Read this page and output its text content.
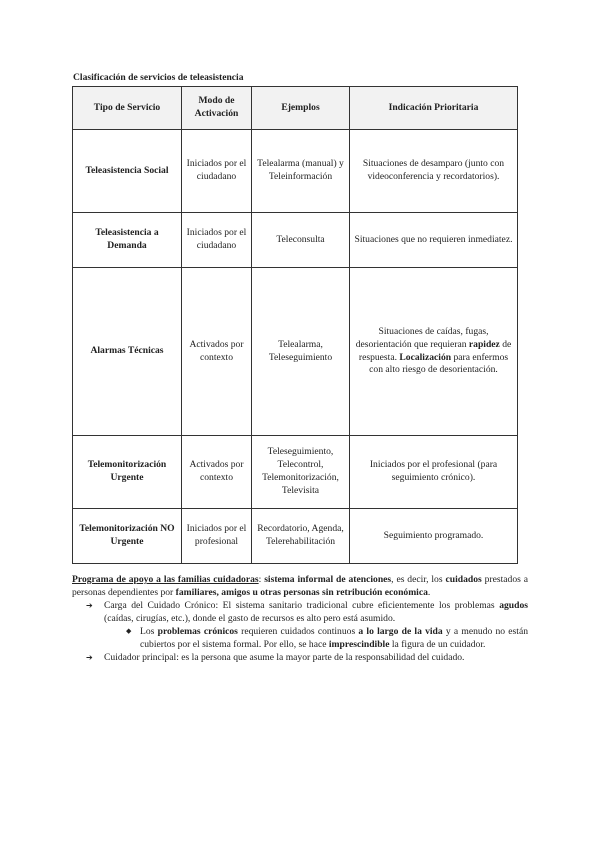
Clasificación de servicios de teleasistencia
Tipo de Servicio	Modo de Activación	Ejemplos	Indicación Prioritaria
Teleasistencia Social	Iniciados por el ciudadano	Telealarma (manual) y Teleinformación	Situaciones de desamparo (junto con videoconferencia y recordatorios).
Teleasistencia a Demanda	Iniciados por el ciudadano	Teleconsulta	Situaciones que no requieren inmediatez.
Alarmas Técnicas	Activados por contexto	Telealarma, Teleseguimiento	Situaciones de caídas, fugas, desorientación que requieran rapidez de respuesta. Localización para enfermos con alto riesgo de desorientación.
Telemonitorización Urgente	Activados por contexto	Teleseguimiento, Telecontrol, Telemonitorización, Televisita	Iniciados por el profesional (para seguimiento crónico).
Telemonitorización NO Urgente	Iniciados por el profesional	Recordatorio, Agenda, Telerehabilitación	Seguimiento programado.

Programa de apoyo a las familias cuidadoras: sistema informal de atenciones, es decir, los cuidados prestados a personas dependientes por familiares, amigos u otras personas sin retribución económica.

➔ Carga del Cuidado Crónico: El sistema sanitario tradicional cubre eficientemente los problemas agudos (caídas, cirugías, etc.), donde el gasto de recursos es alto pero está asumido.
◆ Los problemas crónicos requieren cuidados continuos a lo largo de la vida y a menudo no están cubiertos por el sistema formal. Por ello, se hace imprescindible la figura de un cuidador.
➔ Cuidador principal: es la persona que asume la mayor parte de la responsabilidad del cuidado.
